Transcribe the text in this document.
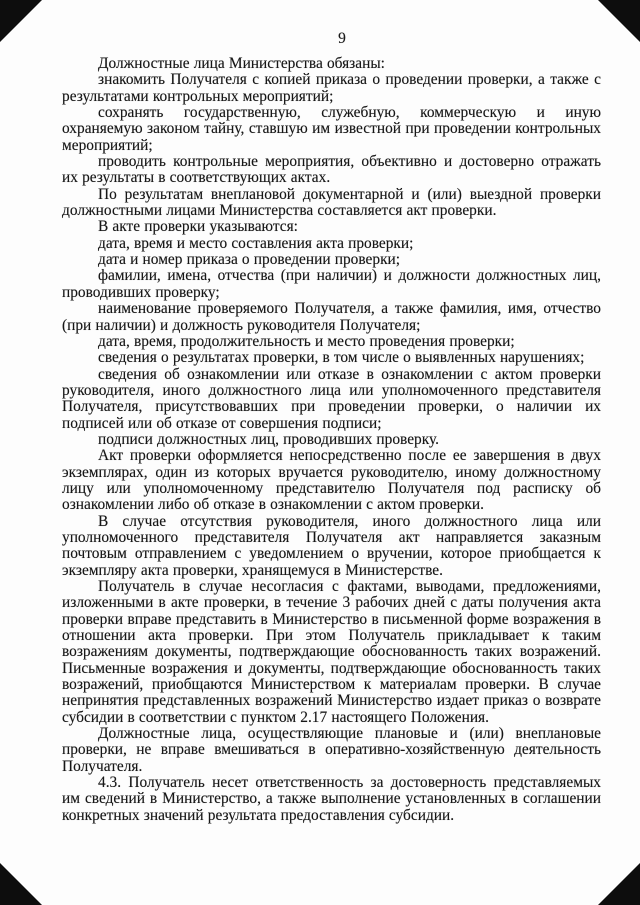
9

Должностные лица Министерства обязаны:

знакомить Получателя с копией приказа о проведении проверки, а также с результатами контрольных мероприятий;

сохранять государственную, служебную, коммерческую и иную охраняемую законом тайну, ставшую им известной при проведении контрольных мероприятий;

проводить контрольные мероприятия, объективно и достоверно отражать их результаты в соответствующих актах.

По результатам внеплановой документарной и (или) выездной проверки должностными лицами Министерства составляется акт проверки.

В акте проверки указываются:

дата, время и место составления акта проверки;

дата и номер приказа о проведении проверки;

фамилии, имена, отчества (при наличии) и должности должностных лиц, проводивших проверку;

наименование проверяемого Получателя, а также фамилия, имя, отчество (при наличии) и должность руководителя Получателя;

дата, время, продолжительность и место проведения проверки;

сведения о результатах проверки, в том числе о выявленных нарушениях;

сведения об ознакомлении или отказе в ознакомлении с актом проверки руководителя, иного должностного лица или уполномоченного представителя Получателя, присутствовавших при проведении проверки, о наличии их подписей или об отказе от совершения подписи;

подписи должностных лиц, проводивших проверку.

Акт проверки оформляется непосредственно после ее завершения в двух экземплярах, один из которых вручается руководителю, иному должностному лицу или уполномоченному представителю Получателя под расписку об ознакомлении либо об отказе в ознакомлении с актом проверки.

В случае отсутствия руководителя, иного должностного лица или уполномоченного представителя Получателя акт направляется заказным почтовым отправлением с уведомлением о вручении, которое приобщается к экземпляру акта проверки, хранящемуся в Министерстве.

Получатель в случае несогласия с фактами, выводами, предложениями, изложенными в акте проверки, в течение 3 рабочих дней с даты получения акта проверки вправе представить в Министерство в письменной форме возражения в отношении акта проверки. При этом Получатель прикладывает к таким возражениям документы, подтверждающие обоснованность таких возражений. Письменные возражения и документы, подтверждающие обоснованность таких возражений, приобщаются Министерством к материалам проверки. В случае непринятия представленных возражений Министерство издает приказ о возврате субсидии в соответствии с пунктом 2.17 настоящего Положения.

Должностные лица, осуществляющие плановые и (или) внеплановые проверки, не вправе вмешиваться в оперативно-хозяйственную деятельность Получателя.

4.3. Получатель несет ответственность за достоверность представляемых им сведений в Министерство, а также выполнение установленных в соглашении конкретных значений результата предоставления субсидии.
